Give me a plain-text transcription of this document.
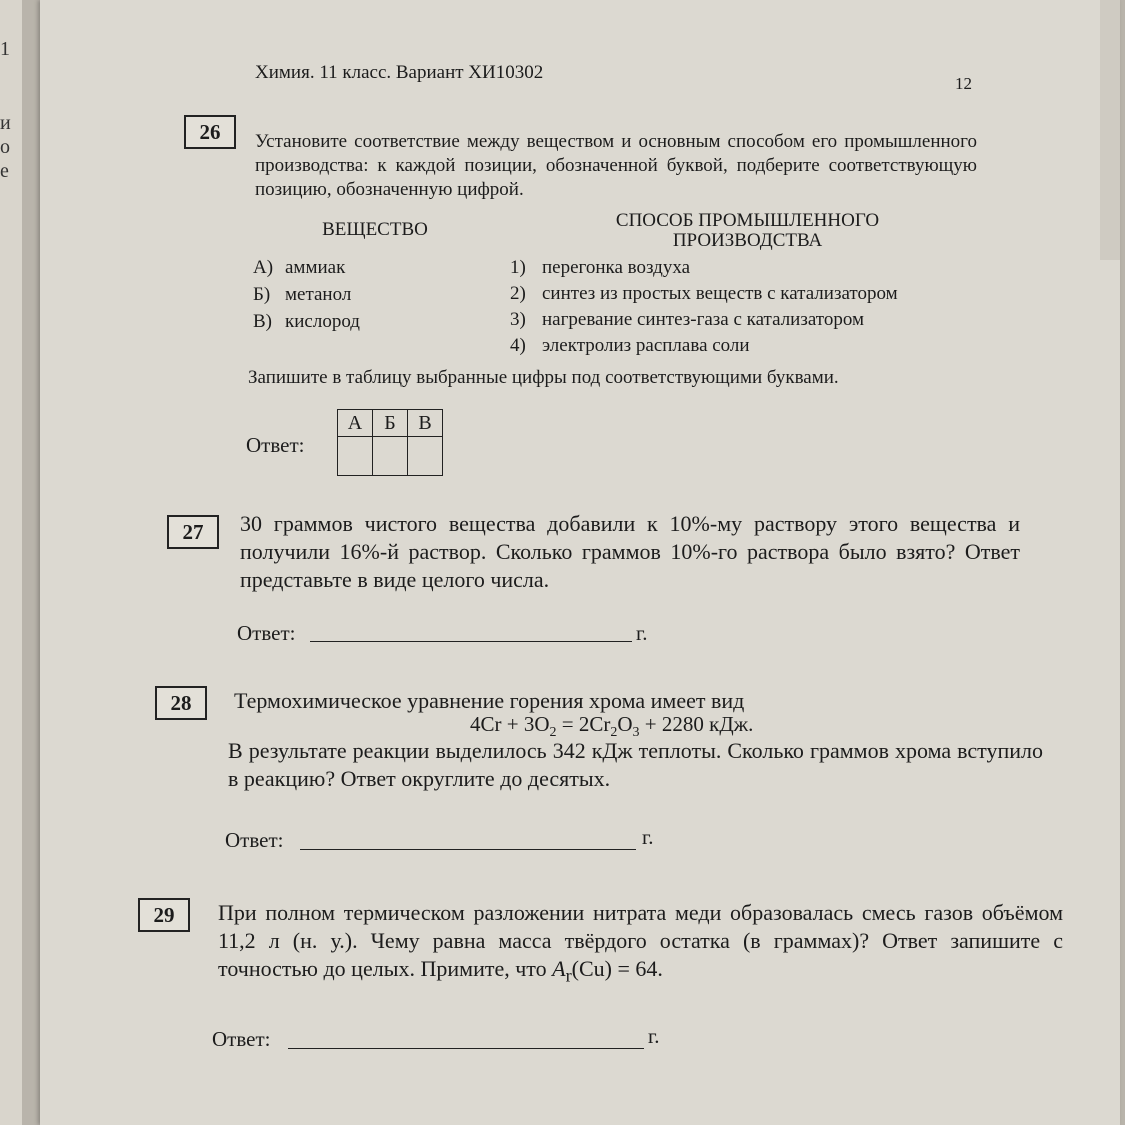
1
и
о
е
Химия. 11 класс. Вариант ХИ10302
12
26	Установите соответствие между веществом и основным способом его промышленного производства: к каждой позиции, обозначенной буквой, подберите соответствующую позицию, обозначенную цифрой.
ВЕЩЕСТВО	СПОСОБ ПРОМЫШЛЕННОГО
ПРОИЗВОДСТВА
А) аммиак
Б) метанол
В) кислород
1) перегонка воздуха
2) синтез из простых веществ с катализатором
3) нагревание синтез-газа с катализатором
4) электролиз расплава соли
Запишите в таблицу выбранные цифры под соответствующими буквами.
Ответ:
А	Б	В

27	30 граммов чистого вещества добавили к 10%-му раствору этого вещества и получили 16%-й раствор. Сколько граммов 10%-го раствора было взято? Ответ представьте в виде целого числа.
Ответ:	г.
28	Термохимическое уравнение горения хрома имеет вид
$4Cr + 3O_2 = 2Cr_2O_3 + 2280$ кДж.
В результате реакции выделилось 342 кДж теплоты. Сколько граммов хрома вступило в реакцию? Ответ округлите до десятых.
Ответ:	г.
29	При полном термическом разложении нитрата меди образовалась смесь газов объёмом 11,2 л (н. у.). Чему равна масса твёрдого остатка (в граммах)? Ответ запишите с точностью до целых. Примите, что $A_r(Cu) = 64$.
Ответ:	г.
